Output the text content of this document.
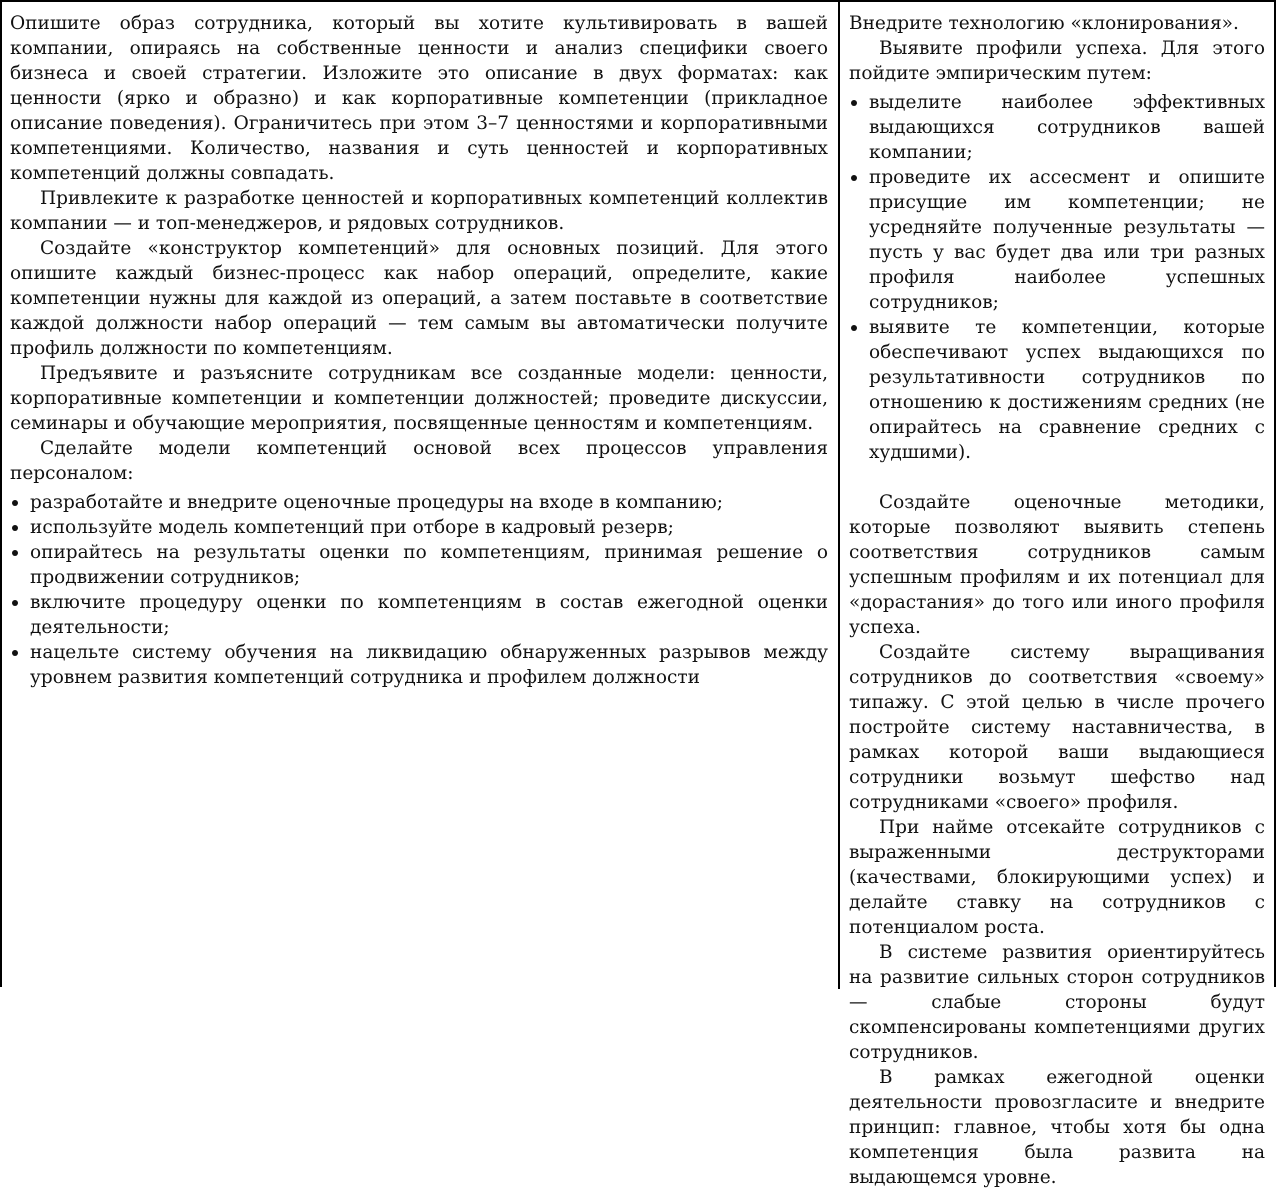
Опишите образ сотрудника, который вы хотите культивировать в вашей компании, опираясь на собственные ценности и анализ специфики своего бизнеса и своей стратегии. Изложите это описание в двух форматах: как ценности (ярко и образно) и как корпоративные компетенции (прикладное описание поведения). Ограничитесь при этом 3–7 ценностями и корпоративными компетенциями. Количество, названия и суть ценностей и корпоративных компетенций должны совпадать.

Привлеките к разработке ценностей и корпоративных компетенций коллектив компании — и топ-менеджеров, и рядовых сотрудников.

Создайте «конструктор компетенций» для основных позиций. Для этого опишите каждый бизнес-процесс как набор операций, определите, какие компетенции нужны для каждой из операций, а затем поставьте в соответствие каждой должности набор операций — тем самым вы автоматически получите профиль должности по компетенциям.

Предъявите и разъясните сотрудникам все созданные модели: ценности, корпоративные компетенции и компетенции должностей; проведите дискуссии, семинары и обучающие мероприятия, посвященные ценностям и компетенциям.

Сделайте модели компетенций основой всех процессов управления персоналом:

разработайте и внедрите оценочные процедуры на входе в компанию;
используйте модель компетенций при отборе в кадровый резерв;
опирайтесь на результаты оценки по компетенциям, принимая решение о продвижении сотрудников;
включите процедуру оценки по компетенциям в состав ежегодной оценки деятельности;
нацельте систему обучения на ликвидацию обнаруженных разрывов между уровнем развития компетенций сотрудника и профилем должности

Внедрите технологию «клонирования».

Выявите профили успеха. Для этого пойдите эмпирическим путем:

выделите наиболее эффективных выдающихся сотрудников вашей компании;
проведите их ассесмент и опишите присущие им компетенции; не усредняйте полученные результаты — пусть у вас будет два или три разных профиля наиболее успешных сотрудников;
выявите те компетенции, которые обеспечивают успех выдающихся по результативности сотрудников по отношению к достижениям средних (не опирайтесь на сравнение средних с худшими).

Создайте оценочные методики, которые позволяют выявить степень соответствия сотрудников самым успешным профилям и их потенциал для «дорастания» до того или иного профиля успеха.

Создайте систему выращивания сотрудников до соответствия «своему» типажу. С этой целью в числе прочего постройте систему наставничества, в рамках которой ваши выдающиеся сотрудники возьмут шефство над сотрудниками «своего» профиля.

При найме отсекайте сотрудников с выраженными деструкторами (качествами, блокирующими успех) и делайте ставку на сотрудников с потенциалом роста.

В системе развития ориентируйтесь на развитие сильных сторон сотрудников — слабые стороны будут скомпенсированы компетенциями других сотрудников.

В рамках ежегодной оценки деятельности провозгласите и внедрите принцип: главное, чтобы хотя бы одна компетенция была развита на выдающемся уровне.
